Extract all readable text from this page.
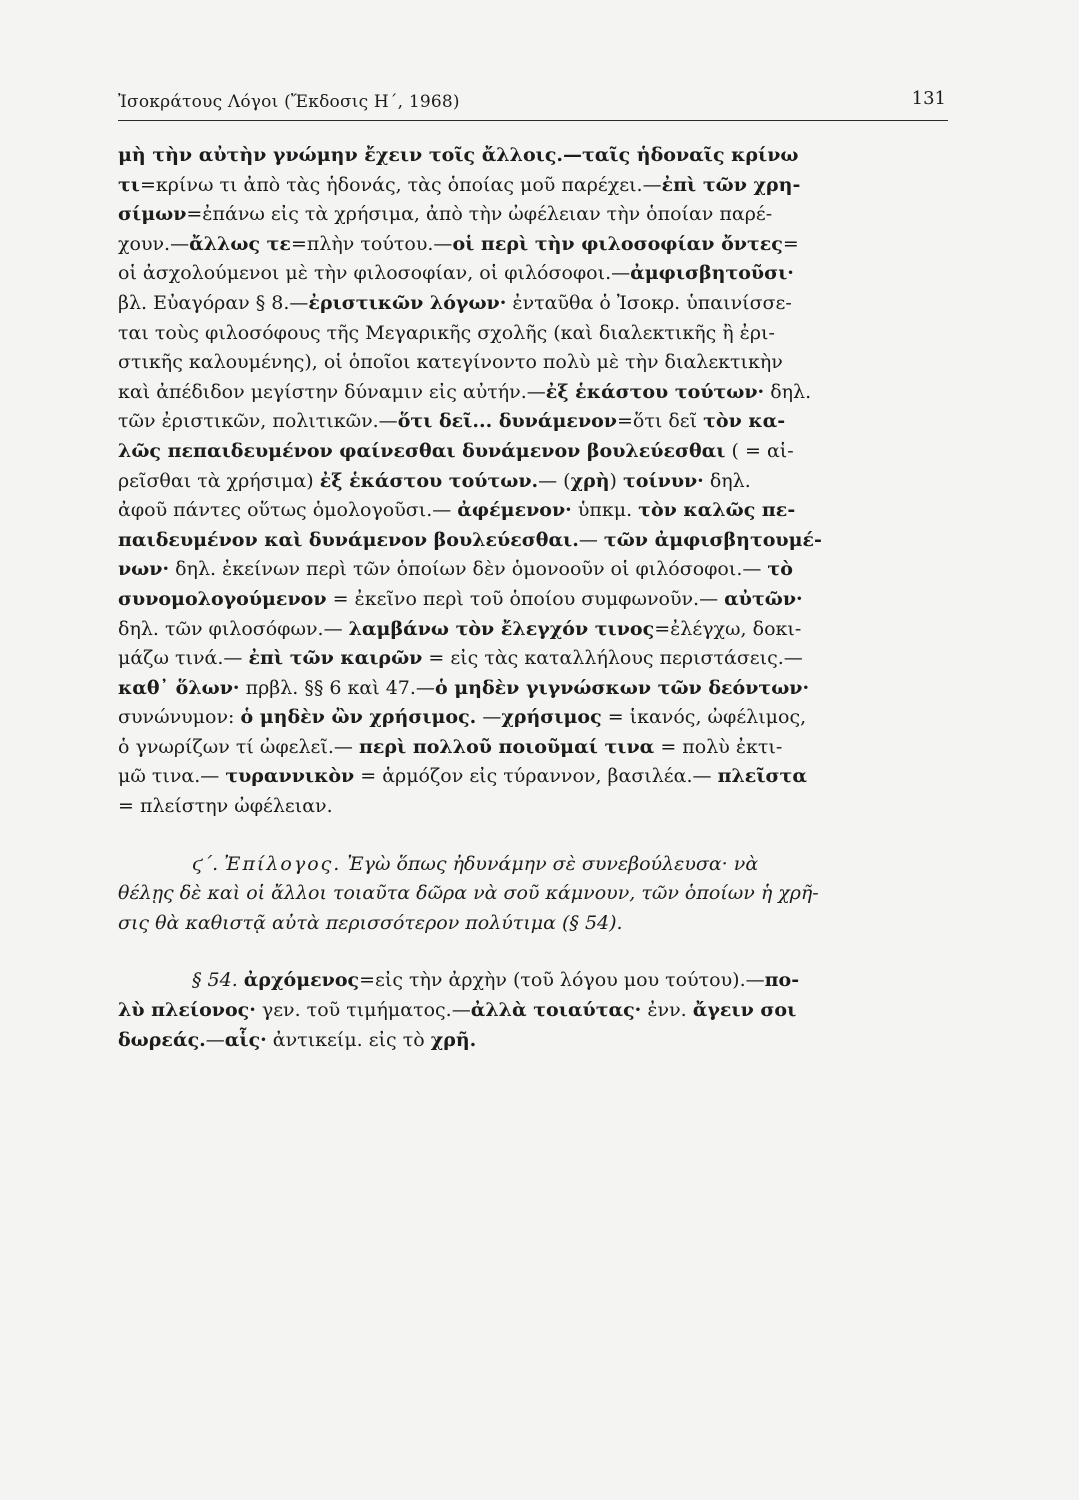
Ἰσοκράτους Λόγοι (Ἔκδοσις Η΄, 1968)	131
μὴ τὴν αὐτὴν γνώμην ἔχειν τοῖς ἄλλοις.—ταῖς ἡδοναῖς κρίνω
τι=κρίνω τι ἀπὸ τὰς ἡδονάς, τὰς ὁποίας μοῦ παρέχει.—ἐπὶ τῶν χρη-
σίμων=ἐπάνω εἰς τὰ χρήσιμα, ἀπὸ τὴν ὠφέλειαν τὴν ὁποίαν παρέ-
χουν.—ἄλλως τε=πλὴν τούτου.—οἱ περὶ τὴν φιλοσοφίαν ὄντες=
οἱ ἀσχολούμενοι μὲ τὴν φιλοσοφίαν, οἱ φιλόσοφοι.—ἀμφισβητοῦσι·
βλ. Εὐαγόραν § 8.—ἐριστικῶν λόγων· ἐνταῦθα ὁ Ἰσοκρ. ὑπαινίσσε-
ται τοὺς φιλοσόφους τῆς Μεγαρικῆς σχολῆς (καὶ διαλεκτικῆς ἢ ἐρι-
στικῆς καλουμένης), οἱ ὁποῖοι κατεγίνοντο πολὺ μὲ τὴν διαλεκτικὴν
καὶ ἀπέδιδον μεγίστην δύναμιν εἰς αὐτήν.—ἐξ ἑκάστου τούτων· δηλ.
τῶν ἐριστικῶν, πολιτικῶν.—ὅτι δεῖ... δυνάμενον=ὅτι δεῖ τὸν κα-
λῶς πεπαιδευμένον φαίνεσθαι δυνάμενον βουλεύεσθαι ( = αἱ-
ρεῖσθαι τὰ χρήσιμα) ἐξ ἑκάστου τούτων.— (χρὴ) τοίνυν· δηλ.
ἀφοῦ πάντες οὕτως ὁμολογοῦσι.— ἀφέμενον· ὑπκμ. τὸν καλῶς πε-
παιδευμένον καὶ δυνάμενον βουλεύεσθαι.— τῶν ἀμφισβητουμέ-
νων· δηλ. ἐκείνων περὶ τῶν ὁποίων δὲν ὁμονοοῦν οἱ φιλόσοφοι.— τὸ
συνομολογούμενον = ἐκεῖνο περὶ τοῦ ὁποίου συμφωνοῦν.— αὐτῶν·
δηλ. τῶν φιλοσόφων.— λαμβάνω τὸν ἔλεγχόν τινος=ἐλέγχω, δοκι-
μάζω τινά.— ἐπὶ τῶν καιρῶν = εἰς τὰς καταλλήλους περιστάσεις.—
καθ᾽ ὅλων· πρβλ. §§ 6 καὶ 47.—ὁ μηδὲν γιγνώσκων τῶν δεόντων·
συνώνυμον: ὁ μηδὲν ὢν χρήσιμος. —χρήσιμος = ἱκανός, ὠφέλιμος,
ὁ γνωρίζων τί ὠφελεῖ.— περὶ πολλοῦ ποιοῦμαί τινα = πολὺ ἐκτι-
μῶ τινα.— τυραννικὸν = ἁρμόζον εἰς τύραννον, βασιλέα.— πλεῖστα
= πλείστην ὠφέλειαν.
ϛ΄. Ἐπίλογος. Ἐγὼ ὅπως ἠδυνάμην σὲ συνεβούλευσα· νὰ
θέλῃς δὲ καὶ οἱ ἄλλοι τοιαῦτα δῶρα νὰ σοῦ κάμνουν, τῶν ὁποίων ἡ χρῆ-
σις θὰ καθιστᾷ αὐτὰ περισσότερον πολύτιμα (§ 54).
§ 54. ἀρχόμενος=εἰς τὴν ἀρχὴν (τοῦ λόγου μου τούτου).—πο-
λὺ πλείονος· γεν. τοῦ τιμήματος.—ἀλλὰ τοιαύτας· ἐνν. ἄγειν σοι
δωρεάς.—αἷς· ἀντικείμ. εἰς τὸ χρῆ.
